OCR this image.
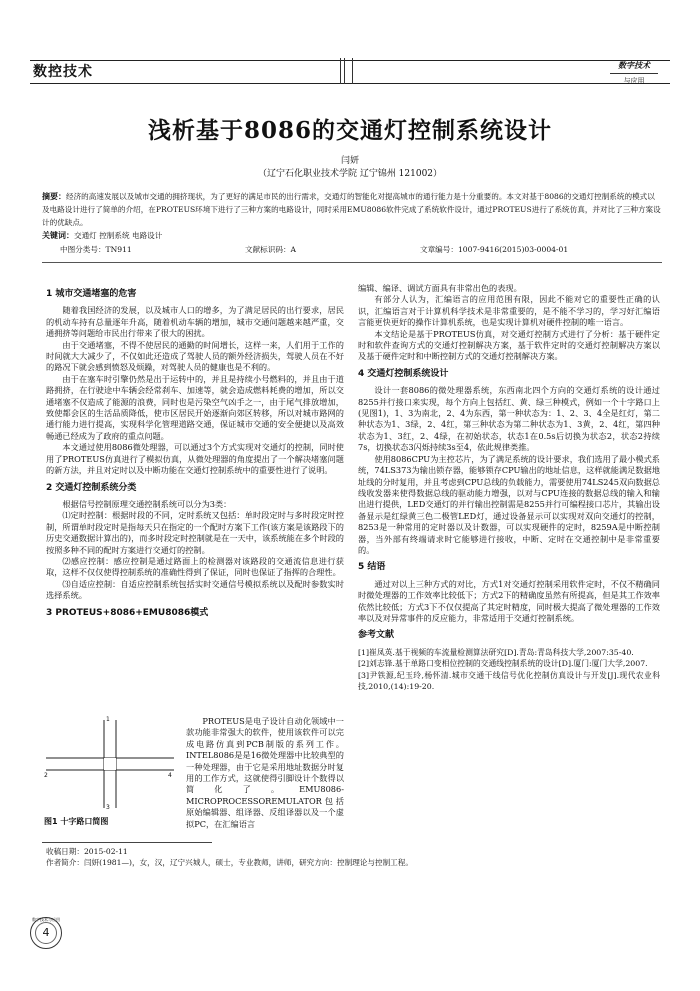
数控技术	数字技术
与应用
浅析基于8086的交通灯控制系统设计
闫妍
（辽宁石化职业技术学院 辽宁锦州 121002）
摘要：经济的高速发展以及城市交通的拥挤现状，为了更好的满足市民的出行需求，交通灯的智能化对提高城市的通行能力是十分重要的。本文对基于8086的交通灯控制系统的模式以及电路设计进行了简单的介绍，在PROTEUS环境下进行了三种方案的电路设计，同时采用EMU8086软件完成了系统软件设计，通过PROTEUS进行了系统仿真，并对比了三种方案设计的优缺点。
关键词：交通灯 控制系统 电路设计
中图分类号：TN911	文献标识码：A	文章编号：1007-9416(2015)03-0004-01
1 城市交通堵塞的危害

随着我国经济的发展，以及城市人口的增多，为了满足居民的出行要求，居民的机动车持有总量逐年升高，随着机动车辆的增加，城市交通问题越来越严重，交通拥挤等问题给市民出行带来了很大的困扰。

由于交通堵塞，不得不使居民的通勤的时间增长，这样一来，人们用于工作的时间就大大减少了，不仅如此还造成了驾驶人员的额外经济损失，驾驶人员在不好的路况下就会感到愤怒及烦躁，对驾驶人员的健康也是不利的。

由于在塞车时引擎仍然是出于运转中的，并且是持续小号燃料的，并且由于道路拥挤，在行驶途中车辆会经常刹车、加速等，就会造成燃料耗费的增加，所以交通堵塞不仅造成了能源的浪费，同时也是污染空气凶手之一，由于尾气排放增加，致使都会区的生活品质降低，使市区居民开始逐渐向郊区转移，所以对城市路网的通行能力进行提高，实现科学化管理道路交通，保证城市交通的安全便捷以及高效畅通已经成为了政府的重点问题。

本文通过使用8086微处理器，可以通过3个方式实现对交通灯的控制，同时使用了PROTEUS仿真进行了模拟仿真，从微处理器的角度提出了一个解决堵塞问题的新方法，并且对定时以及中断功能在交通灯控制系统中的重要性进行了说明。

2 交通灯控制系统分类

根据信号控制原理交通控制系统可以分为3类：

⑴定时控制：根据时段的不同，定时系统又包括：单时段定时与多时段定时控制，所谓单时段定时是指每天只在指定的一个配时方案下工作(该方案是该路段下的历史交通数据计算出的)，而多时段定时控制就是在一天中，该系统能在多个时段的按照多种不同的配时方案进行交通灯的控制。

⑵感应控制：感应控制是通过路面上的检测器对该路段的交通流信息进行获取，这样不仅仅使得控制系统的准确性得到了保证，同时也保证了指挥的合理性。

⑶自适应控制：自适应控制系统包括实时交通信号模拟系统以及配时参数实时选择系统。

3 PROTEUS+8086+EMU8086模式
1
2
3
4
图1 十字路口简图

PROTEUS是电子设计自动化领域中一款功能非常强大的软件，使用该软件可以完成电路仿真到PCB制版的系列工作。INTEL8086是是16微处理器中比较典型的一种处理器，由于它是采用地址数据分时复用的工作方式，这就使得引脚设计个数得以简化了。EMU8086-MICROPROCESSOREMULATOR包括原始编辑器、组译器、反组译器以及一个虚拟PC，在汇编语言

编辑、编译、调试方面具有非常出色的表现。

有部分人认为，汇编语言的应用范围有限，因此不能对它的重要性正确的认识，汇编语言对于计算机科学技术是非常重要的，是不能不学习的，学习好汇编语言能更快更好的操作计算机系统，也是实现计算机对硬件控制的唯一语言。

本文结论是基于PROTEUS仿真，对交通灯控制方式进行了分析：基于硬件定时和软件查询方式的交通灯控制解决方案，基于软件定时的交通灯控制解决方案以及基于硬件定时和中断控制方式的交通灯控制解决方案。

4 交通灯控制系统设计

设计一套8086的微处理器系统，东西南北四个方向的交通灯系统的设计通过8255并行接口来实现，每个方向上包括红、黄、绿三种模式，例如一个十字路口上(见图1)，1、3为南北，2、4为东西，第一种状态为：1、2、3、4全是红灯，第二种状态为1、3绿，2、4红，第三种状态为第二种状态为1、3黄，2、4红，第四种状态为1、3红，2、4绿，在初始状态，状态1在0.5s后切换为状态2，状态2持续7s，切换状态3闪烁持续3s至4，依此规律类推。

使用8086CPU为主控芯片，为了满足系统的设计要求，我们选用了最小模式系统，74LS373为输出锁存器，能够锁存CPU输出的地址信息，这样就能满足数据地址线的分时复用，并且考虑到CPU总线的负载能力，需要使用74LS245双向数据总线收发器来使得数据总线的驱动能力增强，以对与CPU连接的数据总线的输入和输出进行提供，LED交通灯的并行输出控制需是8255并行可编程接口芯片，其输出设备显示是红绿黄三色二极管LED灯，通过设备显示可以实现对双向交通灯的控制，8253是一种常用的定时器以及计数器，可以实现硬件的定时，8259A是中断控制器，当外部有终端请求时它能够进行接收，中断、定时在交通控制中是非常重要的。

5 结语

通过对以上三种方式的对比，方式1对交通灯控制采用软件定时，不仅不精确同时微处理器的工作效率比较低下；方式2下的精确度虽然有所提高，但是其工作效率依然比较低；方式3下不仅仅提高了其定时精度，同时极大提高了微处理器的工作效率以及对异常事件的反应能力，非常适用于交通灯控制系统。

参考文献

[1]崔凤英.基于视频的车流量检测算法研究[D].青岛:青岛科技大学,2007:35-40.

[2]刘志锋.基于单路口变相位控制的交通线控制系统的设计[D].厦门:厦门大学,2007.

[3]尹铁源,纪玉玲,杨怀清.城市交通干线信号优化控制仿真设计与开发[J].现代农业科技,2010,(14):19-20.

收稿日期：2015-02-11
作者简介：闫妍(1981—)，女，汉，辽宁兴城人，硕士，专业教师，讲师，研究方向：控制理论与控制工程。
数字技术与应用
4
